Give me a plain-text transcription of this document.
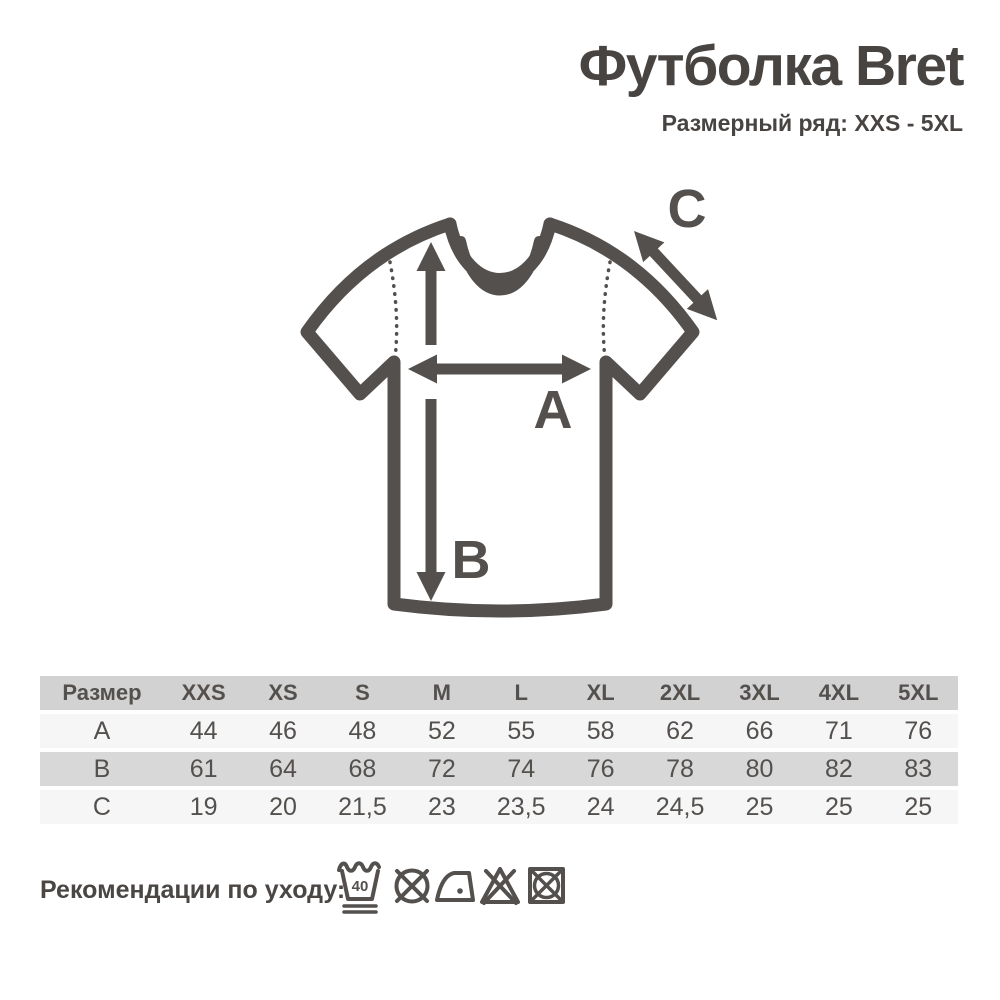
Футболка Bret
Размерный ряд: XXS - 5XL
A
B
C
Размер	XXS	XS	S	M	L	XL	2XL	3XL	4XL	5XL
A	44	46	48	52	55	58	62	66	71	76
B	61	64	68	72	74	76	78	80	82	83
C	19	20	21,5	23	23,5	24	24,5	25	25	25
Рекомендации по уходу: 40
